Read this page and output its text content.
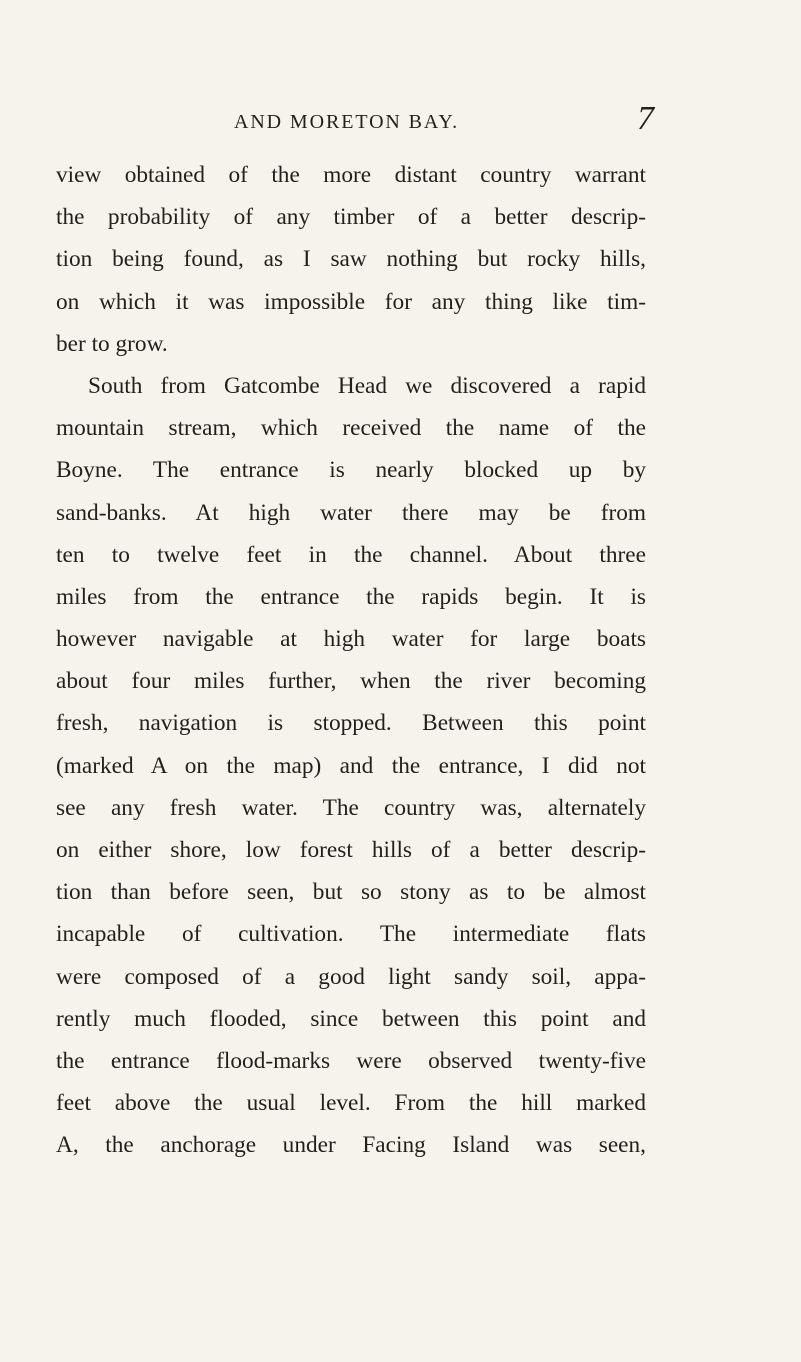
AND MORETON BAY.	7
view obtained of the more distant country warrant
the probability of any timber of a better descrip-
tion being found, as I saw nothing but rocky hills,
on which it was impossible for any thing like tim-
ber to grow.
South from Gatcombe Head we discovered a rapid
mountain stream, which received the name of the
Boyne. The entrance is nearly blocked up by
sand-banks. At high water there may be from
ten to twelve feet in the channel. About three
miles from the entrance the rapids begin. It is
however navigable at high water for large boats
about four miles further, when the river becoming
fresh, navigation is stopped. Between this point
(marked A on the map) and the entrance, I did not
see any fresh water. The country was, alternately
on either shore, low forest hills of a better descrip-
tion than before seen, but so stony as to be almost
incapable of cultivation. The intermediate flats
were composed of a good light sandy soil, appa-
rently much flooded, since between this point and
the entrance flood-marks were observed twenty-five
feet above the usual level. From the hill marked
A, the anchorage under Facing Island was seen,
